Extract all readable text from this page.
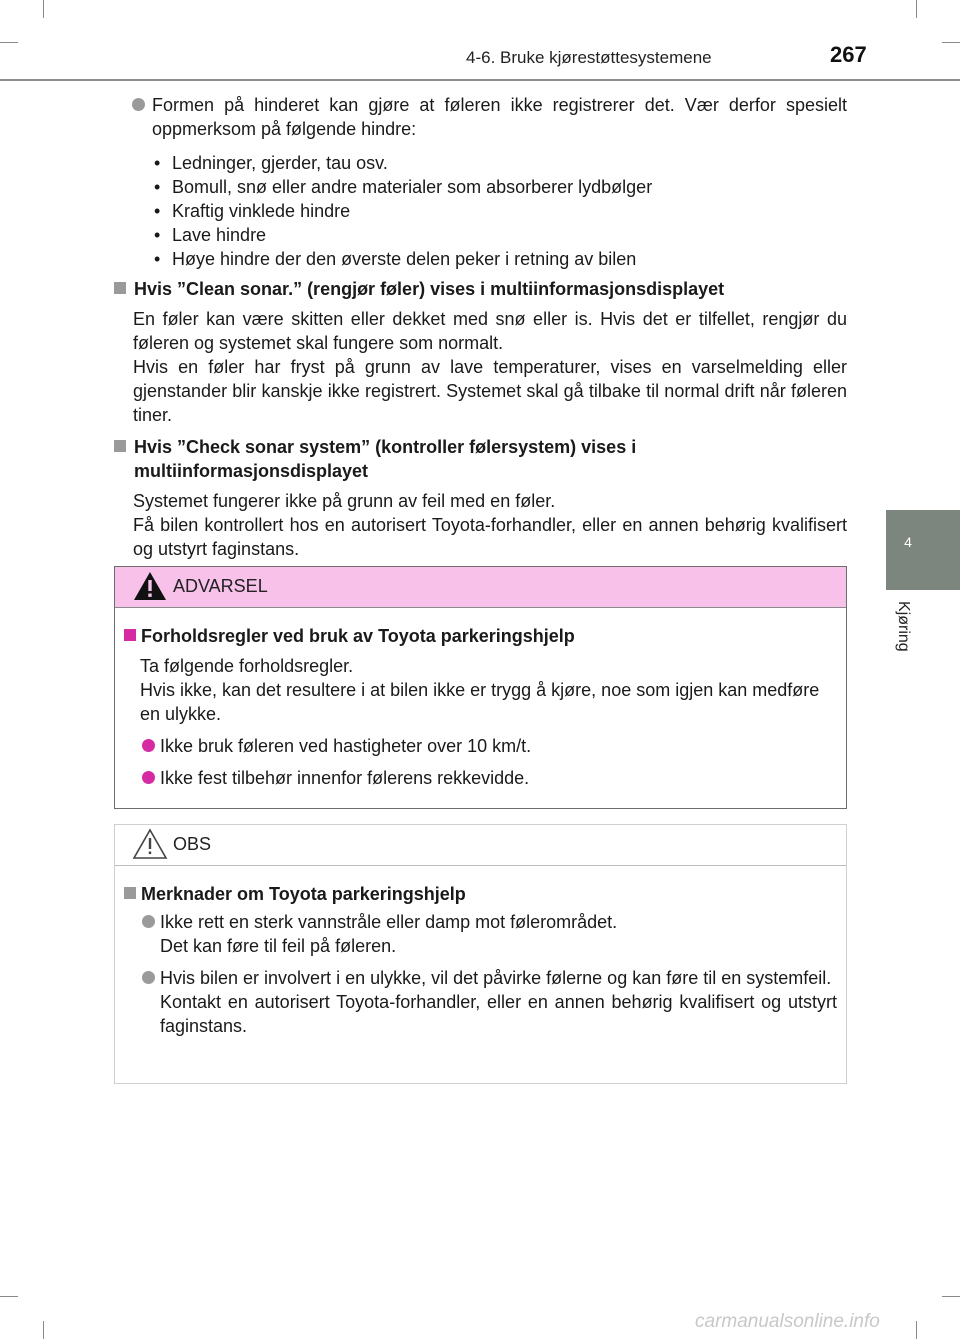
4-6. Bruke kjørestøttesystemene	267
4
Kjøring
Formen på hinderet kan gjøre at føleren ikke registrerer det. Vær derfor spesielt oppmerksom på følgende hindre:
• Ledninger, gjerder, tau osv.
• Bomull, snø eller andre materialer som absorberer lydbølger
• Kraftig vinklede hindre
• Lave hindre
• Høye hindre der den øverste delen peker i retning av bilen
Hvis ”Clean sonar.” (rengjør føler) vises i multiinformasjonsdisplayet
En føler kan være skitten eller dekket med snø eller is. Hvis det er tilfellet, rengjør du føleren og systemet skal fungere som normalt.
Hvis en føler har fryst på grunn av lave temperaturer, vises en varselmelding eller gjenstander blir kanskje ikke registrert. Systemet skal gå tilbake til normal drift når føleren tiner.
Hvis ”Check sonar system” (kontroller følersystem) vises i multiinformasjonsdisplayet
Systemet fungerer ikke på grunn av feil med en føler.
Få bilen kontrollert hos en autorisert Toyota-forhandler, eller en annen behørig kvalifisert og utstyrt faginstans.
ADVARSEL
Forholdsregler ved bruk av Toyota parkeringshjelp
Ta følgende forholdsregler.
Hvis ikke, kan det resultere i at bilen ikke er trygg å kjøre, noe som igjen kan medføre en ulykke.
Ikke bruk føleren ved hastigheter over 10 km/t.
Ikke fest tilbehør innenfor følerens rekkevidde.
OBS
Merknader om Toyota parkeringshjelp
Ikke rett en sterk vannstråle eller damp mot følerområdet.
Det kan føre til feil på føleren.
Hvis bilen er involvert i en ulykke, vil det påvirke følerne og kan føre til en systemfeil.
Kontakt en autorisert Toyota-forhandler, eller en annen behørig kvalifisert og utstyrt faginstans.
carmanualsonline.info
